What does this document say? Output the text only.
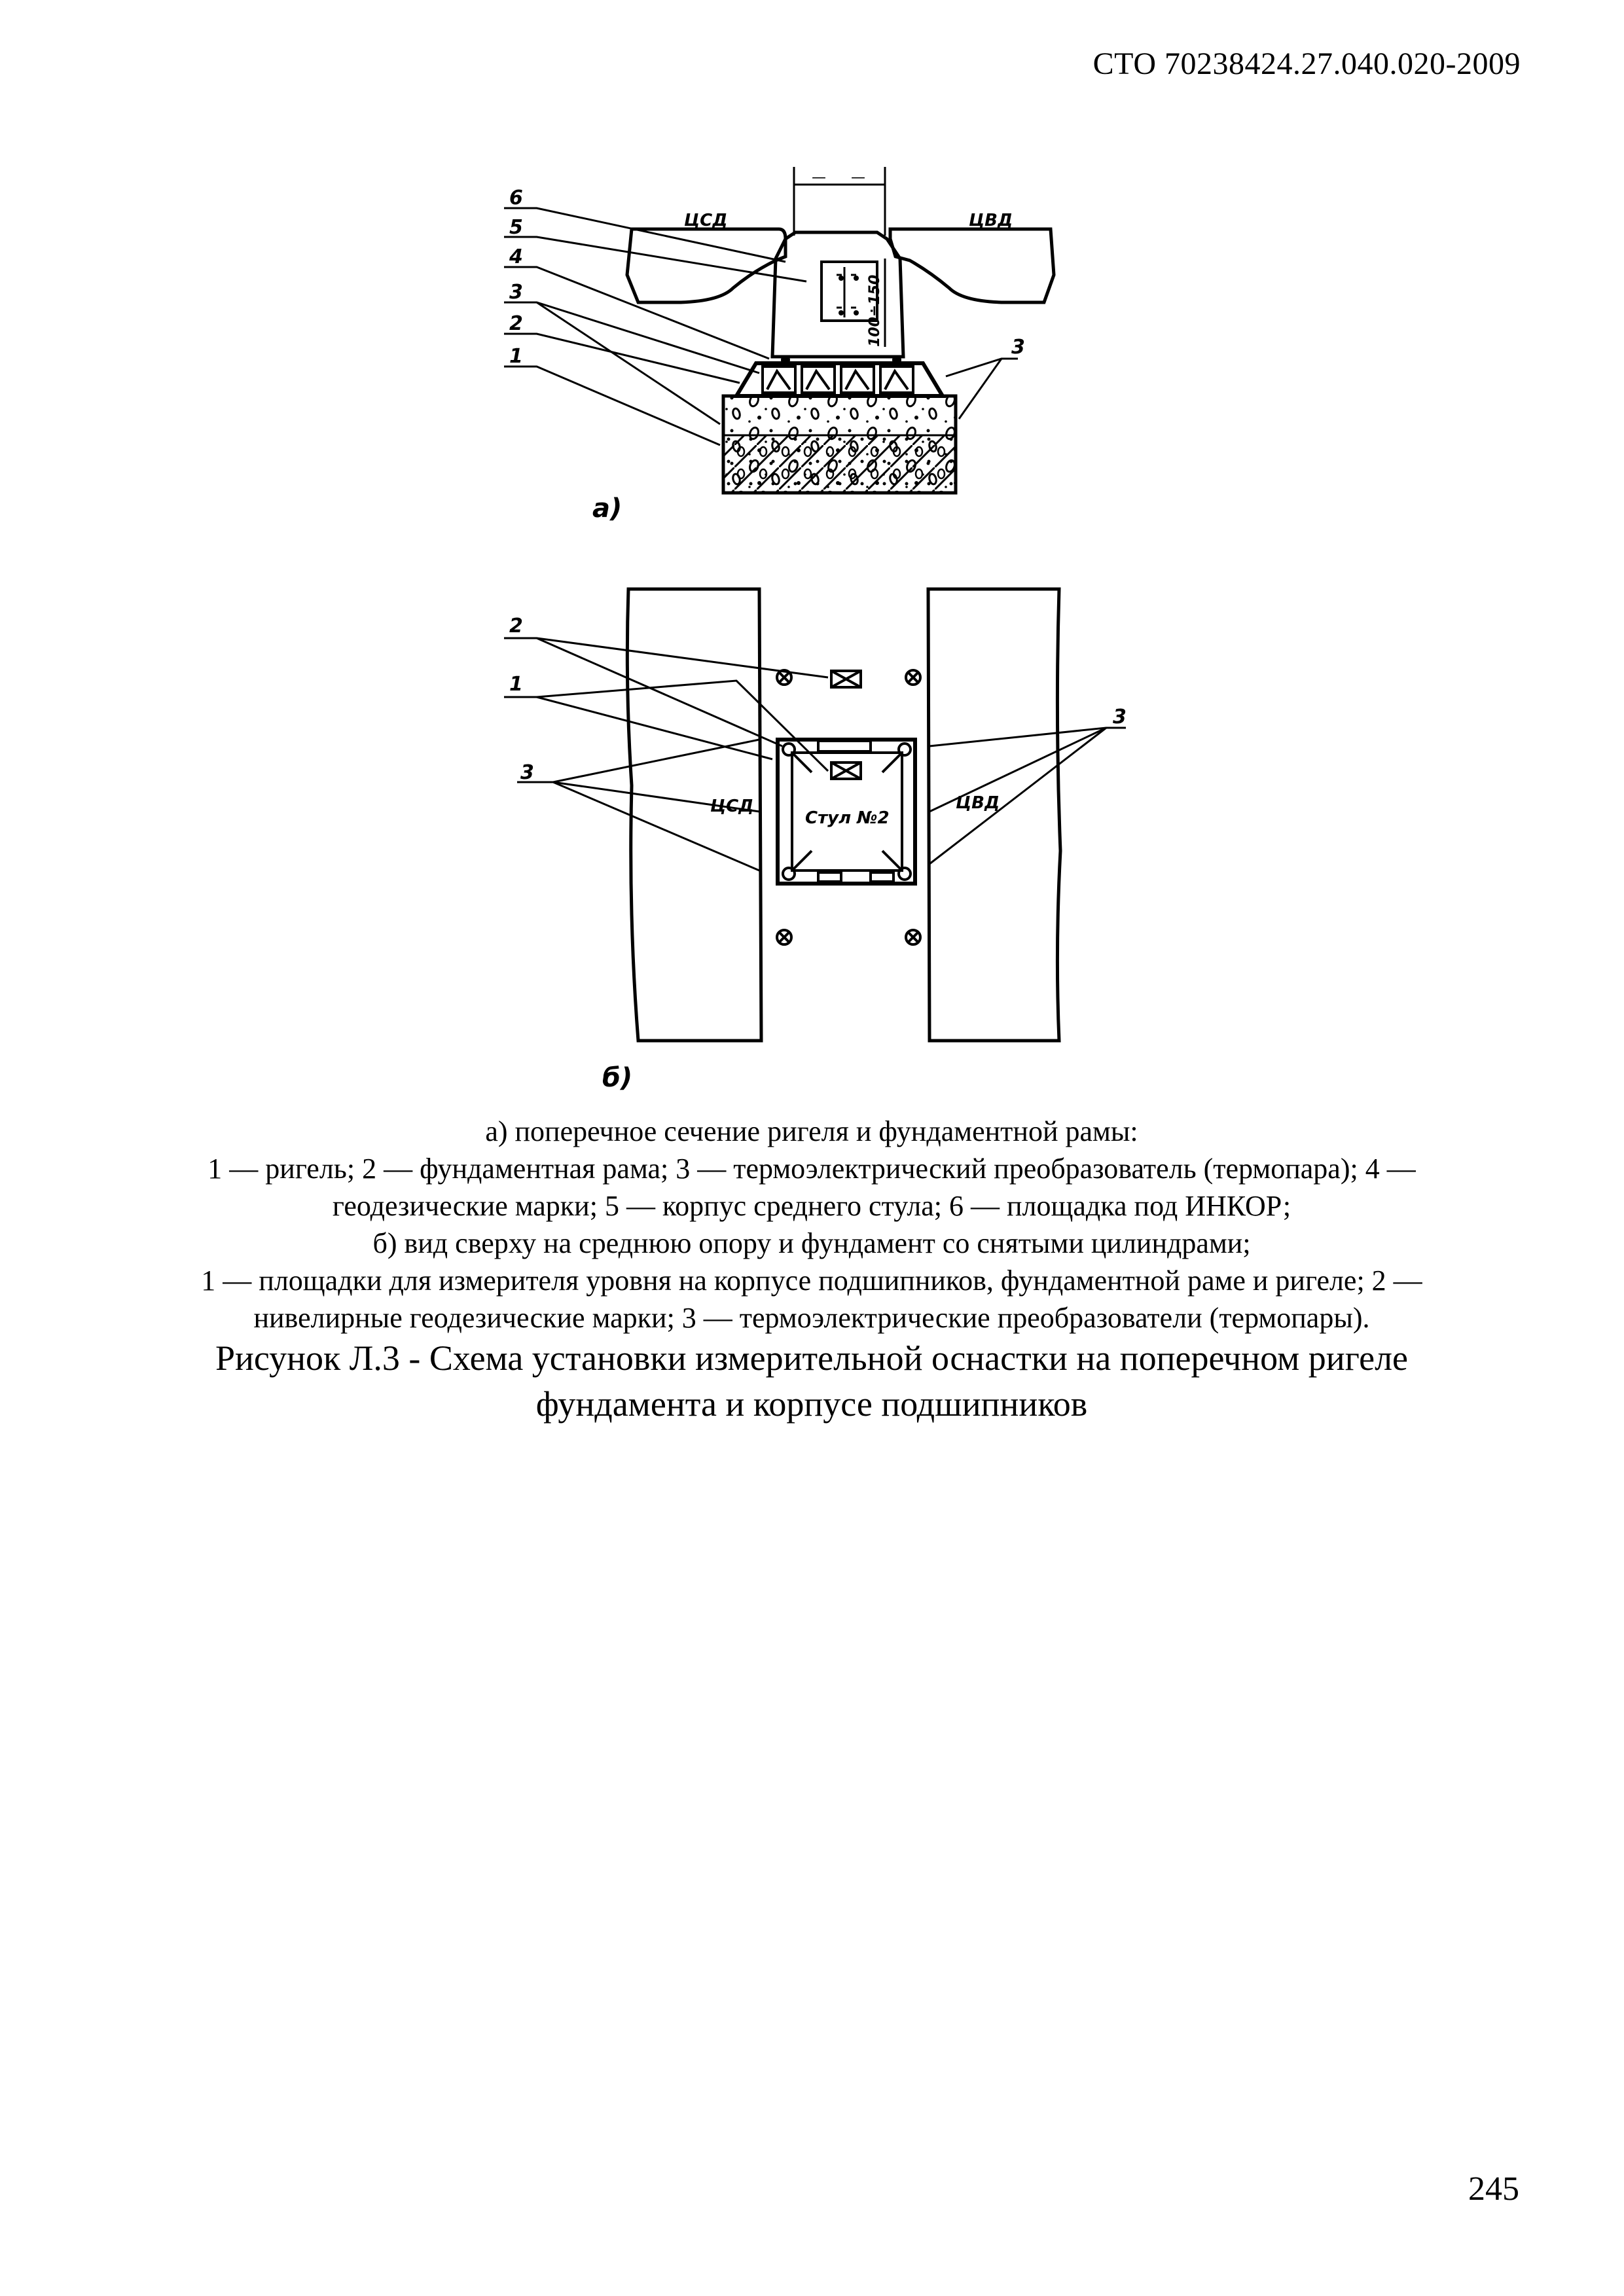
СТО 70238424.27.040.020-2009
— —
100÷150
6
5
4
3
2
1	3
ЦСД	ЦВД
а)
2
1
3
3
ЦСД	ЦВД
Стул №2
б)
а) поперечное сечение ригеля и фундаментной рамы:
1 — ригель; 2 — фундаментная рама; 3 — термоэлектрический преобразователь (термопара); 4 —
геодезические марки; 5 — корпус среднего стула; 6 — площадка под ИНКОР;
б) вид сверху на среднюю опору и фундамент со снятыми цилиндрами;
1 — площадки для измерителя уровня на корпусе подшипников, фундаментной раме и ригеле; 2 —
нивелирные геодезические марки; 3 — термоэлектрические преобразователи (термопары).
Рисунок Л.3 - Схема установки измерительной оснастки на поперечном ригеле
фундамента и корпусе подшипников
245
